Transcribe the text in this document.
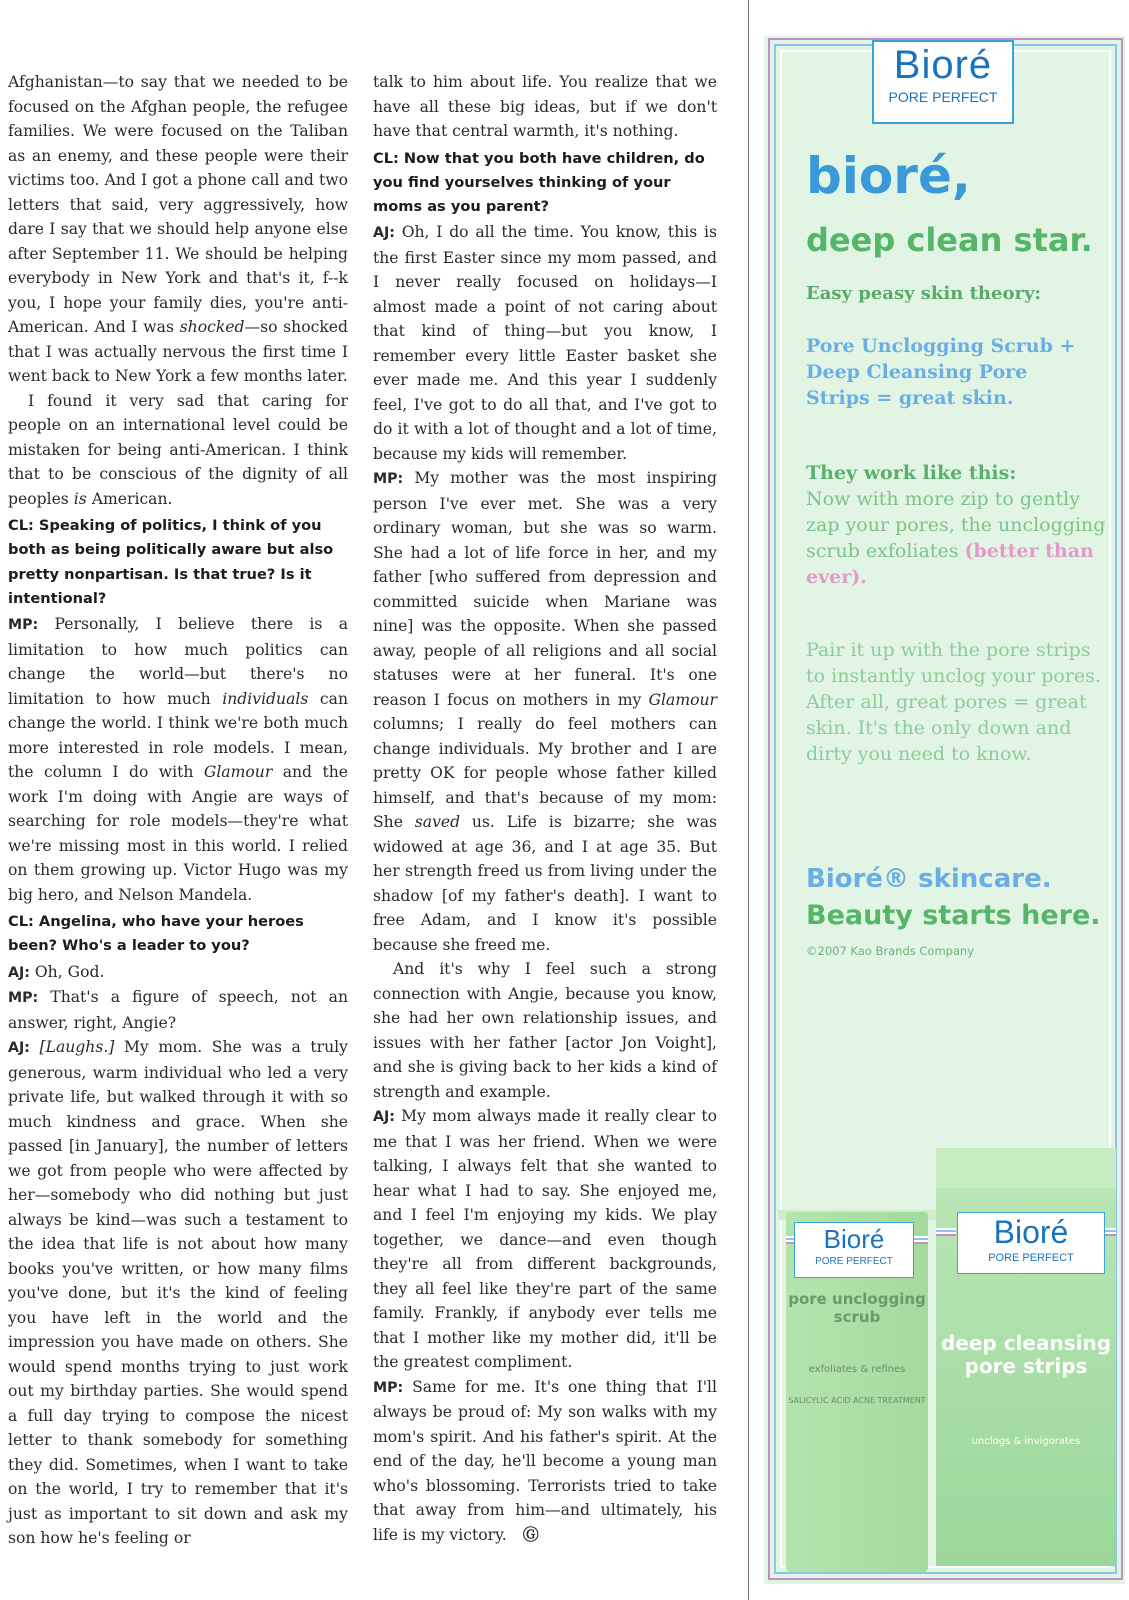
Afghanistan—to say that we needed to be focused on the Afghan people, the refugee families. We were focused on the Taliban as an enemy, and these people were their victims too. And I got a phone call and two letters that said, very aggressively, how dare I say that we should help anyone else after September 11. We should be helping everybody in New York and that's it, f--k you, I hope your family dies, you're anti-American. And I was shocked—so shocked that I was actually nervous the first time I went back to New York a few months later.

I found it very sad that caring for people on an international level could be mistaken for being anti-American. I think that to be conscious of the dignity of all peoples is American.

CL: Speaking of politics, I think of you both as being politically aware but also pretty nonpartisan. Is that true? Is it intentional?

MP: Personally, I believe there is a limitation to how much politics can change the world—but there's no limitation to how much individuals can change the world. I think we're both much more interested in role models. I mean, the column I do with Glamour and the work I'm doing with Angie are ways of searching for role models—they're what we're missing most in this world. I relied on them growing up. Victor Hugo was my big hero, and Nelson Mandela.

CL: Angelina, who have your heroes been? Who's a leader to you?

AJ: Oh, God.

MP: That's a figure of speech, not an answer, right, Angie?

AJ: [Laughs.] My mom. She was a truly generous, warm individual who led a very private life, but walked through it with so much kindness and grace. When she passed [in January], the number of letters we got from people who were affected by her—somebody who did nothing but just always be kind—was such a testament to the idea that life is not about how many books you've written, or how many films you've done, but it's the kind of feeling you have left in the world and the impression you have made on others. She would spend months trying to just work out my birthday parties. She would spend a full day trying to compose the nicest letter to thank somebody for something they did. Sometimes, when I want to take on the world, I try to remember that it's just as important to sit down and ask my son how he's feeling or

talk to him about life. You realize that we have all these big ideas, but if we don't have that central warmth, it's nothing.

CL: Now that you both have children, do you find yourselves thinking of your moms as you parent?

AJ: Oh, I do all the time. You know, this is the first Easter since my mom passed, and I never really focused on holidays—I almost made a point of not caring about that kind of thing—but you know, I remember every little Easter basket she ever made me. And this year I suddenly feel, I've got to do all that, and I've got to do it with a lot of thought and a lot of time, because my kids will remember.

MP: My mother was the most inspiring person I've ever met. She was a very ordinary woman, but she was so warm. She had a lot of life force in her, and my father [who suffered from depression and committed suicide when Mariane was nine] was the opposite. When she passed away, people of all religions and all social statuses were at her funeral. It's one reason I focus on mothers in my Glamour columns; I really do feel mothers can change individuals. My brother and I are pretty OK for people whose father killed himself, and that's because of my mom: She saved us. Life is bizarre; she was widowed at age 36, and I at age 35. But her strength freed us from living under the shadow [of my father's death]. I want to free Adam, and I know it's possible because she freed me.

And it's why I feel such a strong connection with Angie, because you know, she had her own relationship issues, and issues with her father [actor Jon Voight], and she is giving back to her kids a kind of strength and example.

AJ: My mom always made it really clear to me that I was her friend. When we were talking, I always felt that she wanted to hear what I had to say. She enjoyed me, and I feel I'm enjoying my kids. We play together, we dance—and even though they're all from different backgrounds, they all feel like they're part of the same family. Frankly, if anybody ever tells me that I mother like my mother did, it'll be the greatest compliment.

MP: Same for me. It's one thing that I'll always be proud of: My son walks with my mom's spirit. And his father's spirit. At the end of the day, he'll become a young man who's blossoming. Terrorists tried to take that away from him—and ultimately, his life is my victory. Ⓖ

Bioré
PORE PERFECT
bioré,
deep clean star.
Easy peasy skin theory:

Pore Unclogging Scrub + Deep Cleansing Pore Strips = great skin.

They work like this:
Now with more zip to gently zap your pores, the unclogging scrub exfoliates (better than ever).

Pair it up with the pore strips to instantly unclog your pores. After all, great pores = great skin. It's the only down and dirty you need to know.

Bioré® skincare.
Beauty starts here.
©2007 Kao Brands Company
Bioré
PORE PERFECT
Bioré
PORE PERFECT
pore unclogging scrub
exfoliates & refines
SALICYLIC ACID ACNE TREATMENT
deep cleansing pore strips
unclogs & invigorates
